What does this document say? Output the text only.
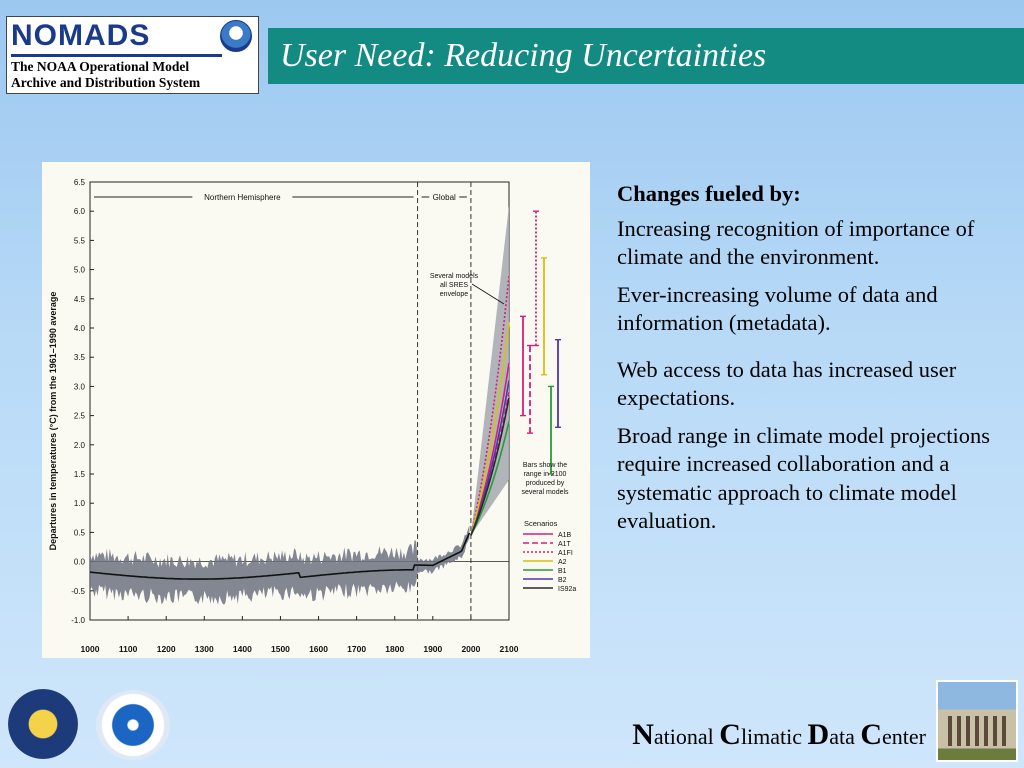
NOMADS
The NOAA Operational Model
Archive and Distribution System
User Need: Reducing Uncertainties
-1.0
-0.5
0.0
0.5
1.0
1.5
2.0
2.5
3.0
3.5
4.0
4.5
5.0
5.5
6.0
6.5
1000 1100 1200 1300 1400 1500 1600 1700 1800 1900 2000 2100
Departures in temperatures (°C) from the 1961–1990 average
Northern Hemisphere	Global
Several models
all SRES
envelope
Bars show the
range in 2100
produced by
several models
Scenarios
A1B
A1T
A1FI
A2
B1
B2
IS92a

Changes fueled by:

Increasing recognition of importance of climate and the environment.

Ever-increasing volume of data and information (metadata).

Web access to data has increased user expectations.

Broad range in climate model projections require increased collaboration and a systematic approach to climate model evaluation.

National Climatic Data Center
